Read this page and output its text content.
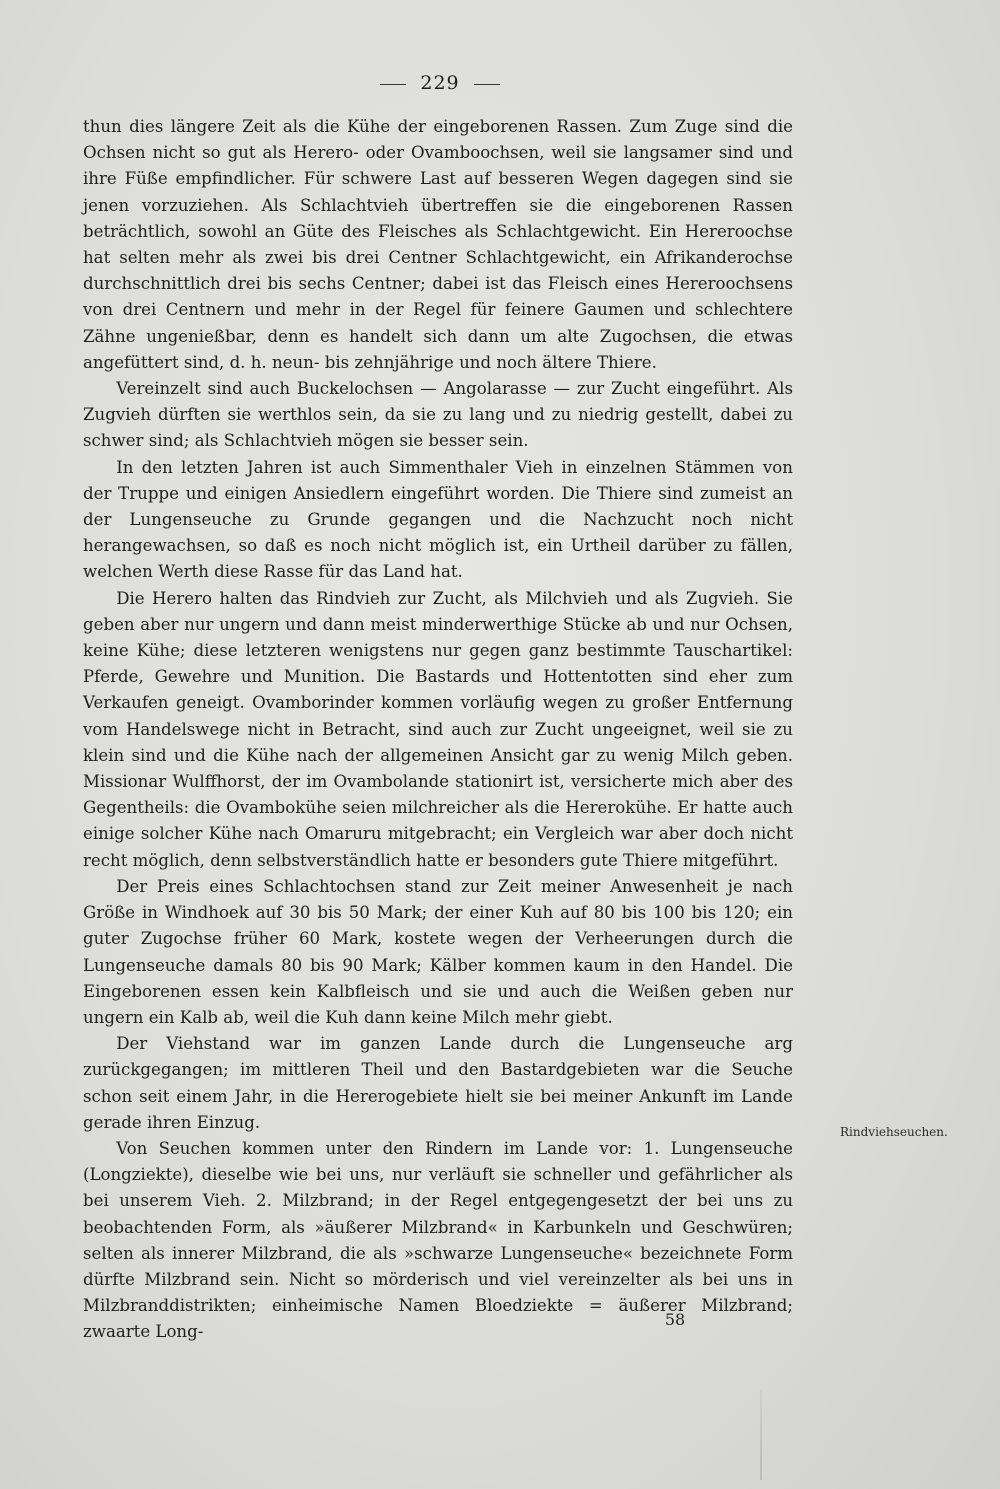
229

thun dies längere Zeit als die Kühe der eingeborenen Rassen. Zum Zuge sind die Ochsen nicht so gut als Herero- oder Ovamboochsen, weil sie langsamer sind und ihre Füße empfindlicher. Für schwere Last auf besseren Wegen dagegen sind sie jenen vorzuziehen. Als Schlachtvieh übertreffen sie die eingeborenen Rassen beträchtlich, sowohl an Güte des Fleisches als Schlachtgewicht. Ein Hereroochse hat selten mehr als zwei bis drei Centner Schlachtgewicht, ein Afrikanderochse durchschnittlich drei bis sechs Centner; dabei ist das Fleisch eines Hereroochsens von drei Centnern und mehr in der Regel für feinere Gaumen und schlechtere Zähne ungenießbar, denn es handelt sich dann um alte Zugochsen, die etwas angefüttert sind, d. h. neun- bis zehnjährige und noch ältere Thiere.

Vereinzelt sind auch Buckelochsen — Angolarasse — zur Zucht eingeführt. Als Zugvieh dürften sie werthlos sein, da sie zu lang und zu niedrig gestellt, dabei zu schwer sind; als Schlachtvieh mögen sie besser sein.

In den letzten Jahren ist auch Simmenthaler Vieh in einzelnen Stämmen von der Truppe und einigen Ansiedlern eingeführt worden. Die Thiere sind zumeist an der Lungenseuche zu Grunde gegangen und die Nachzucht noch nicht herangewachsen, so daß es noch nicht möglich ist, ein Urtheil darüber zu fällen, welchen Werth diese Rasse für das Land hat.

Die Herero halten das Rindvieh zur Zucht, als Milchvieh und als Zugvieh. Sie geben aber nur ungern und dann meist minderwerthige Stücke ab und nur Ochsen, keine Kühe; diese letzteren wenigstens nur gegen ganz bestimmte Tauschartikel: Pferde, Gewehre und Munition. Die Bastards und Hottentotten sind eher zum Verkaufen geneigt. Ovamborinder kommen vorläufig wegen zu großer Entfernung vom Handelswege nicht in Betracht, sind auch zur Zucht ungeeignet, weil sie zu klein sind und die Kühe nach der allgemeinen Ansicht gar zu wenig Milch geben. Missionar Wulffhorst, der im Ovambolande stationirt ist, versicherte mich aber des Gegentheils: die Ovambokühe seien milchreicher als die Hererokühe. Er hatte auch einige solcher Kühe nach Omaruru mitgebracht; ein Vergleich war aber doch nicht recht möglich, denn selbstverständlich hatte er besonders gute Thiere mitgeführt.

Der Preis eines Schlachtochsen stand zur Zeit meiner Anwesenheit je nach Größe in Windhoek auf 30 bis 50 Mark; der einer Kuh auf 80 bis 100 bis 120; ein guter Zugochse früher 60 Mark, kostete wegen der Verheerungen durch die Lungenseuche damals 80 bis 90 Mark; Kälber kommen kaum in den Handel. Die Eingeborenen essen kein Kalbfleisch und sie und auch die Weißen geben nur ungern ein Kalb ab, weil die Kuh dann keine Milch mehr giebt.

Der Viehstand war im ganzen Lande durch die Lungenseuche arg zurückgegangen; im mittleren Theil und den Bastardgebieten war die Seuche schon seit einem Jahr, in die Hererogebiete hielt sie bei meiner Ankunft im Lande gerade ihren Einzug.

Von Seuchen kommen unter den Rindern im Lande vor: 1. Lungenseuche (Longziekte), dieselbe wie bei uns, nur verläuft sie schneller und gefährlicher als bei unserem Vieh. 2. Milzbrand; in der Regel entgegengesetzt der bei uns zu beobachtenden Form, als »äußerer Milzbrand« in Karbunkeln und Geschwüren; selten als innerer Milzbrand, die als »schwarze Lungenseuche« bezeichnete Form dürfte Milzbrand sein. Nicht so mörderisch und viel vereinzelter als bei uns in Milzbranddistrikten; einheimische Namen Bloedziekte = äußerer Milzbrand; zwaarte Long-

Rindviehseuchen.
58
